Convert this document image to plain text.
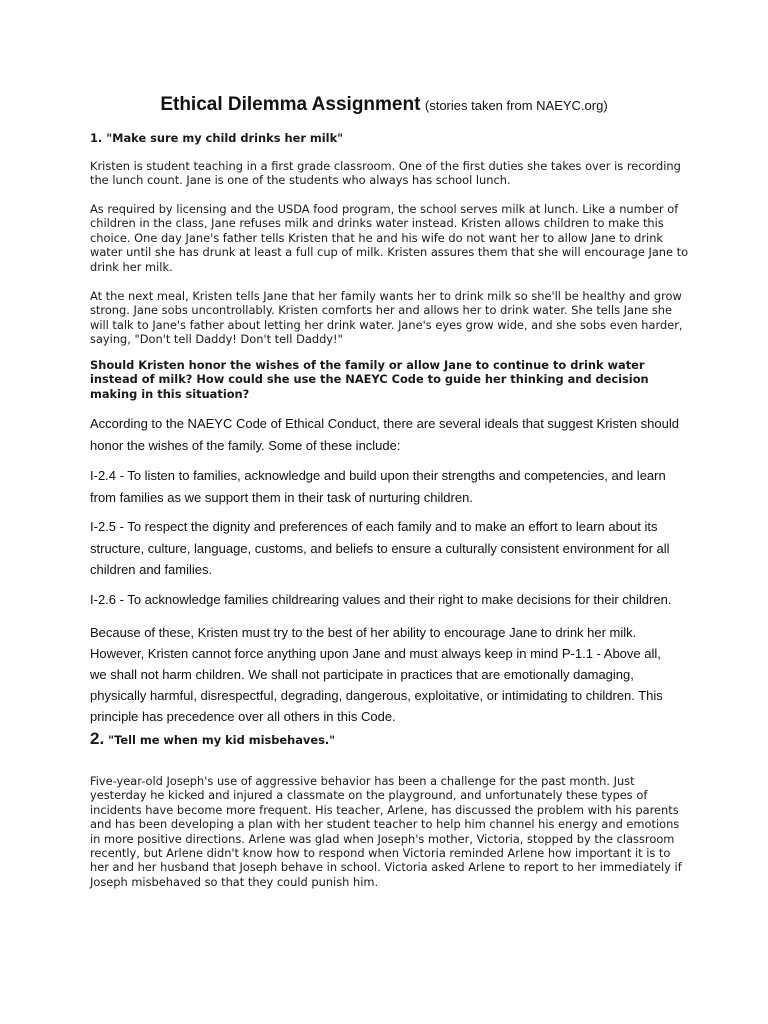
Ethical Dilemma Assignment (stories taken from NAEYC.org)

1. "Make sure my child drinks her milk"

Kristen is student teaching in a first grade classroom. One of the first duties she takes over is recording the lunch count. Jane is one of the students who always has school lunch.

As required by licensing and the USDA food program, the school serves milk at lunch. Like a number of children in the class, Jane refuses milk and drinks water instead. Kristen allows children to make this choice. One day Jane's father tells Kristen that he and his wife do not want her to allow Jane to drink water until she has drunk at least a full cup of milk. Kristen assures them that she will encourage Jane to drink her milk.

At the next meal, Kristen tells Jane that her family wants her to drink milk so she'll be healthy and grow strong. Jane sobs uncontrollably. Kristen comforts her and allows her to drink water. She tells Jane she will talk to Jane's father about letting her drink water. Jane's eyes grow wide, and she sobs even harder, saying, "Don't tell Daddy! Don't tell Daddy!"

Should Kristen honor the wishes of the family or allow Jane to continue to drink water instead of milk? How could she use the NAEYC Code to guide her thinking and decision making in this situation?

According to the NAEYC Code of Ethical Conduct, there are several ideals that suggest Kristen should honor the wishes of the family. Some of these include:

I-2.4 - To listen to families, acknowledge and build upon their strengths and competencies, and learn from families as we support them in their task of nurturing children.

I-2.5 - To respect the dignity and preferences of each family and to make an effort to learn about its structure, culture, language, customs, and beliefs to ensure a culturally consistent environment for all children and families.

I-2.6 - To acknowledge families childrearing values and their right to make decisions for their children.

Because of these, Kristen must try to the best of her ability to encourage Jane to drink her milk. However, Kristen cannot force anything upon Jane and must always keep in mind P-1.1 - Above all, we shall not harm children. We shall not participate in practices that are emotionally damaging, physically harmful, disrespectful, degrading, dangerous, exploitative, or intimidating to children. This principle has precedence over all others in this Code.

2. "Tell me when my kid misbehaves."

Five-year-old Joseph's use of aggressive behavior has been a challenge for the past month. Just yesterday he kicked and injured a classmate on the playground, and unfortunately these types of incidents have become more frequent. His teacher, Arlene, has discussed the problem with his parents and has been developing a plan with her student teacher to help him channel his energy and emotions in more positive directions. Arlene was glad when Joseph's mother, Victoria, stopped by the classroom recently, but Arlene didn't know how to respond when Victoria reminded Arlene how important it is to her and her husband that Joseph behave in school. Victoria asked Arlene to report to her immediately if Joseph misbehaved so that they could punish him.
